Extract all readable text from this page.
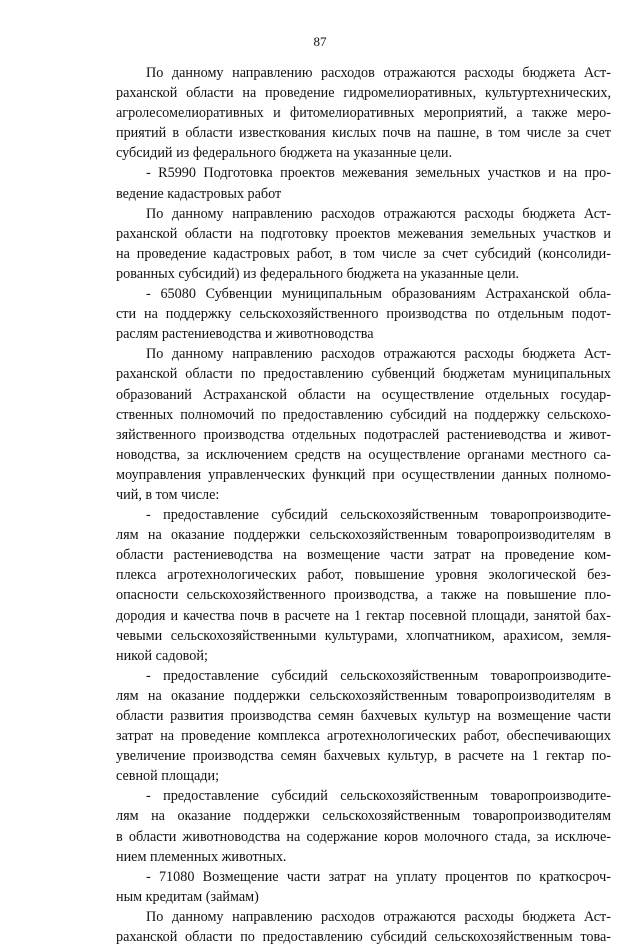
87
По данному направлению расходов отражаются расходы бюджета Аст-
раханской области на проведение гидромелиоративных, культуртехнических,
агролесомелиоративных и фитомелиоративных мероприятий, а также меро-
приятий в области известкования кислых почв на пашне, в том числе за счет
субсидий из федерального бюджета на указанные цели.
- R5990 Подготовка проектов межевания земельных участков и на про-
ведение кадастровых работ
По данному направлению расходов отражаются расходы бюджета Аст-
раханской области на подготовку проектов межевания земельных участков и
на проведение кадастровых работ, в том числе за счет субсидий (консолиди-
рованных субсидий) из федерального бюджета на указанные цели.
- 65080 Субвенции муниципальным образованиям Астраханской обла-
сти на поддержку сельскохозяйственного производства по отдельным подот-
раслям растениеводства и животноводства
По данному направлению расходов отражаются расходы бюджета Аст-
раханской области по предоставлению субвенций бюджетам муниципальных
образований Астраханской области на осуществление отдельных государ-
ственных полномочий по предоставлению субсидий на поддержку сельскохо-
зяйственного производства отдельных подотраслей растениеводства и живот-
новодства, за исключением средств на осуществление органами местного са-
моуправления управленческих функций при осуществлении данных полномо-
чий, в том числе:
- предоставление субсидий сельскохозяйственным товаропроизводите-
лям на оказание поддержки сельскохозяйственным товаропроизводителям в
области растениеводства на возмещение части затрат на проведение ком-
плекса агротехнологических работ, повышение уровня экологической без-
опасности сельскохозяйственного производства, а также на повышение пло-
дородия и качества почв в расчете на 1 гектар посевной площади, занятой бах-
чевыми сельскохозяйственными культурами, хлопчатником, арахисом, земля-
никой садовой;
- предоставление субсидий сельскохозяйственным товаропроизводите-
лям на оказание поддержки сельскохозяйственным товаропроизводителям в
области развития производства семян бахчевых культур на возмещение части
затрат на проведение комплекса агротехнологических работ, обеспечивающих
увеличение производства семян бахчевых культур, в расчете на 1 гектар по-
севной площади;
- предоставление субсидий сельскохозяйственным товаропроизводите-
лям на оказание поддержки сельскохозяйственным товаропроизводителям
в области животноводства на содержание коров молочного стада, за исключе-
нием племенных животных.
- 71080 Возмещение части затрат на уплату процентов по краткосроч-
ным кредитам (займам)
По данному направлению расходов отражаются расходы бюджета Аст-
раханской области по предоставлению субсидий сельскохозяйственным това-
